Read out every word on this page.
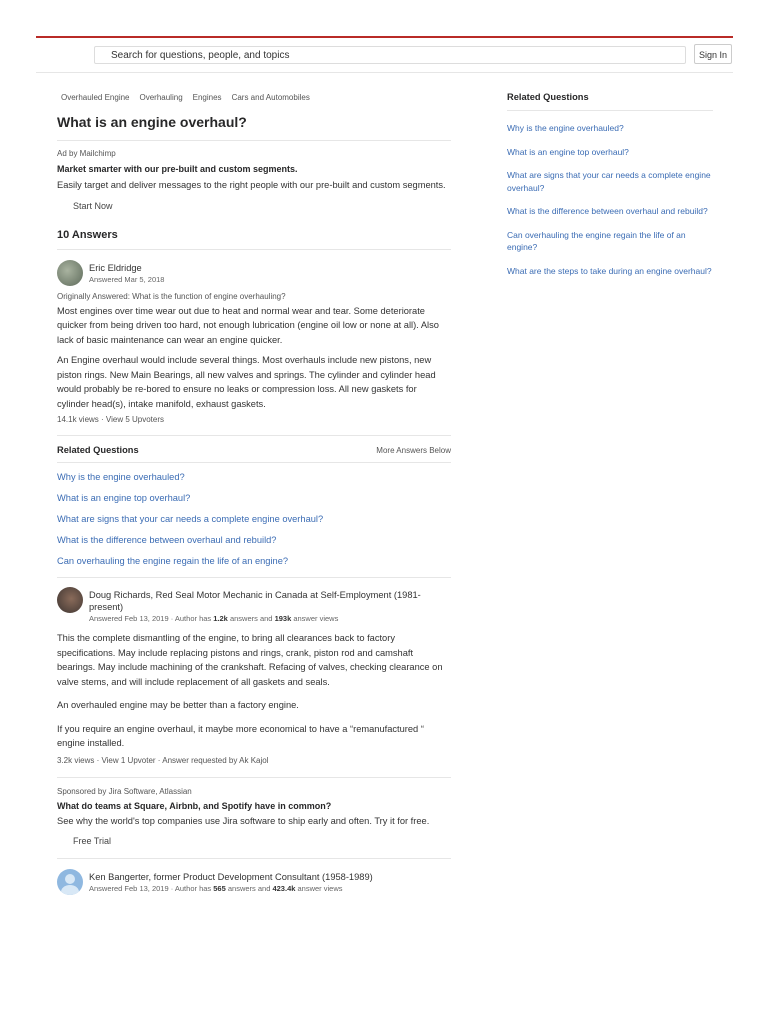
Search for questions, people, and topics	Sign In
Overhauled Engine Overhauling Engines Cars and Automobiles
What is an engine overhaul?
Ad by Mailchimp
Market smarter with our pre-built and custom segments.
Easily target and deliver messages to the right people with our pre-built and custom segments.
Start Now
10 Answers
Eric Eldridge
Answered Mar 5, 2018
Originally Answered: What is the function of engine overhauling?
Most engines over time wear out due to heat and normal wear and tear. Some deteriorate quicker from being driven too hard, not enough lubrication (engine oil low or none at all). Also lack of basic maintenance can wear an engine quicker.
An Engine overhaul would include several things. Most overhauls include new pistons, new piston rings. New Main Bearings, all new valves and springs. The cylinder and cylinder head would probably be re-bored to ensure no leaks or compression loss. All new gaskets for cylinder head(s), intake manifold, exhaust gaskets.
14.1k views · View 5 Upvoters
Related Questions	More Answers Below
Why is the engine overhauled?
What is an engine top overhaul?
What are signs that your car needs a complete engine overhaul?
What is the difference between overhaul and rebuild?
Can overhauling the engine regain the life of an engine?
Doug Richards, Red Seal Motor Mechanic in Canada at Self-Employment (1981-present)
Answered Feb 13, 2019 · Author has 1.2k answers and 193k answer views
This the complete dismantling of the engine, to bring all clearances back to factory specifications. May include replacing pistons and rings, crank, piston rod and camshaft bearings. May include machining of the crankshaft. Refacing of valves, checking clearance on valve stems, and will include replacement of all gaskets and seals.
An overhauled engine may be better than a factory engine.
If you require an engine overhaul, it maybe more economical to have a “remanufactured “ engine installed.
3.2k views · View 1 Upvoter · Answer requested by Ak Kajol
Sponsored by Jira Software, Atlassian
What do teams at Square, Airbnb, and Spotify have in common?
See why the world's top companies use Jira software to ship early and often. Try it for free.
Free Trial
Ken Bangerter, former Product Development Consultant (1958-1989)
Answered Feb 13, 2019 · Author has 565 answers and 423.4k answer views
Related Questions
Why is the engine overhauled?
What is an engine top overhaul?
What are signs that your car needs a complete engine overhaul?
What is the difference between overhaul and rebuild?
Can overhauling the engine regain the life of an engine?
What are the steps to take during an engine overhaul?
